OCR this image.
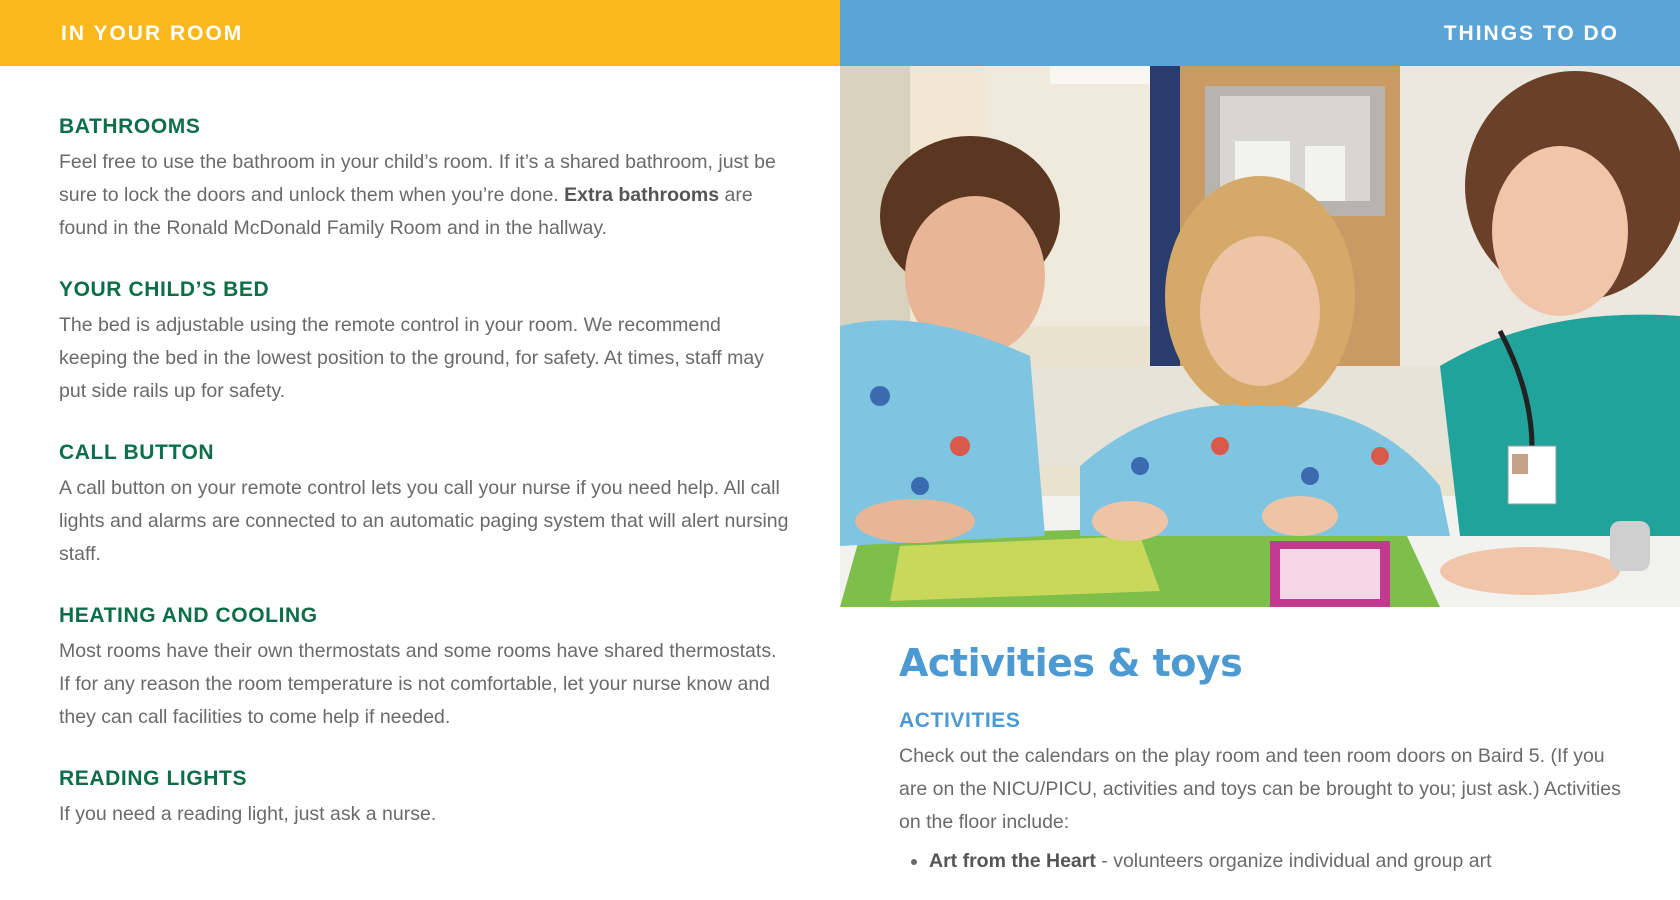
IN YOUR ROOM	THINGS TO DO
BATHROOMS

Feel free to use the bathroom in your child’s room. If it’s a shared bathroom, just be sure to lock the doors and unlock them when you’re done. Extra bathrooms are found in the Ronald McDonald Family Room and in the hallway.

YOUR CHILD’S BED

The bed is adjustable using the remote control in your room. We recommend keeping the bed in the lowest position to the ground, for safety. At times, staff may put side rails up for safety.

CALL BUTTON

A call button on your remote control lets you call your nurse if you need help. All call lights and alarms are connected to an automatic paging system that will alert nursing staff.

HEATING AND COOLING

Most rooms have their own thermostats and some rooms have shared thermostats. If for any reason the room temperature is not comfortable, let your nurse know and they can call facilities to come help if needed.

READING LIGHTS

If you need a reading light, just ask a nurse.

Activities & toys
ACTIVITIES

Check out the calendars on the play room and teen room doors on Baird 5. (If you are on the NICU/PICU, activities and toys can be brought to you; just ask.) Activities on the floor include:

• Art from the Heart - volunteers organize individual and group art
